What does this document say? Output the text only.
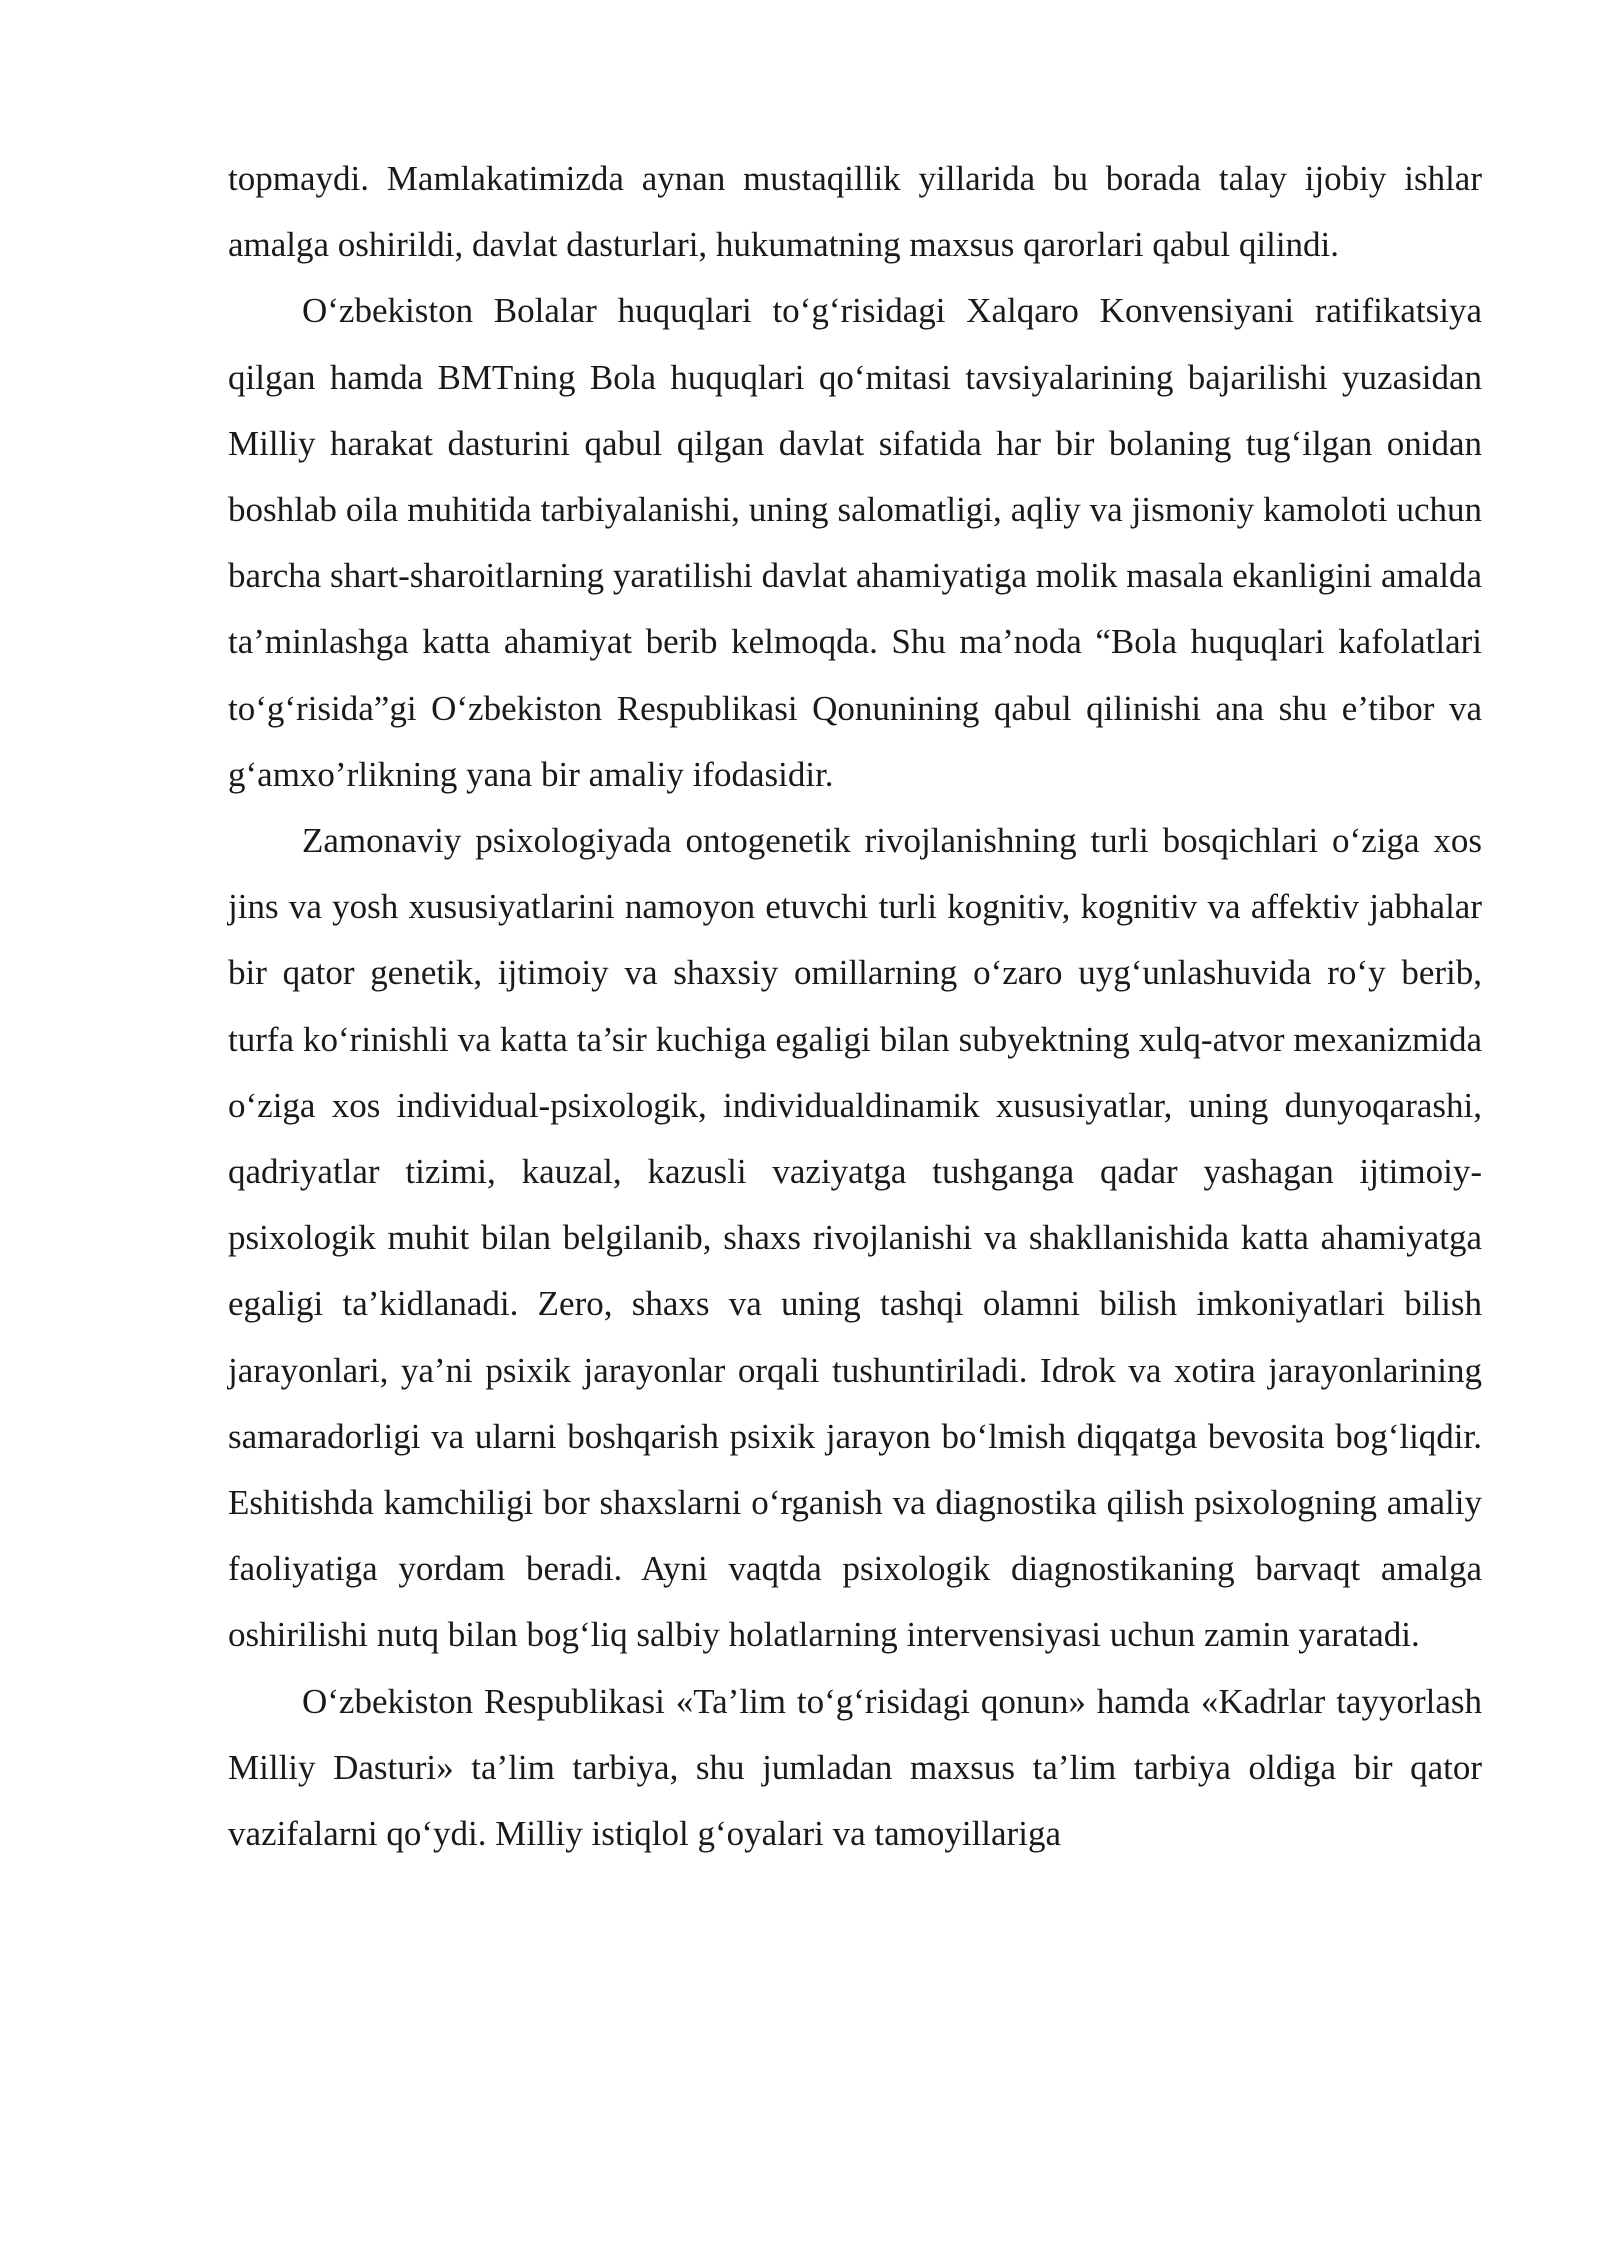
topmaydi. Mamlakatimizda aynan mustaqillik yillarida bu borada talay ijobiy ishlar amalga oshirildi, davlat dasturlari, hukumatning maxsus qarorlari qabul qilindi.

O‘zbekiston Bolalar huquqlari to‘g‘risidagi Xalqaro Konvensiyani ratifikatsiya qilgan hamda BMTning Bola huquqlari qo‘mitasi tavsiyalarining bajarilishi yuzasidan Milliy harakat dasturini qabul qilgan davlat sifatida har bir bolaning tug‘ilgan onidan boshlab oila muhitida tarbiyalanishi, uning salomatligi, aqliy va jismoniy kamoloti uchun barcha shart-sharoitlarning yaratilishi davlat ahamiyatiga molik masala ekanligini amalda ta’minlashga katta ahamiyat berib kelmoqda. Shu ma’noda “Bola huquqlari kafolatlari to‘g‘risida”gi O‘zbekiston Respublikasi Qonunining qabul qilinishi ana shu e’tibor va g‘amxo’rlikning yana bir amaliy ifodasidir.

Zamonaviy psixologiyada ontogenetik rivojlanishning turli bosqichlari o‘ziga xos jins va yosh xususiyatlarini namoyon etuvchi turli kognitiv, kognitiv va affektiv jabhalar bir qator genetik, ijtimoiy va shaxsiy omillarning o‘zaro uyg‘unlashuvida ro‘y berib, turfa ko‘rinishli va katta ta’sir kuchiga egaligi bilan subyektning xulq-atvor mexanizmida o‘ziga xos individual-psixologik, individualdinamik xususiyatlar, uning dunyoqarashi, qadriyatlar tizimi, kauzal, kazusli vaziyatga tushganga qadar yashagan ijtimoiy-psixologik muhit bilan belgilanib, shaxs rivojlanishi va shakllanishida katta ahamiyatga egaligi ta’kidlanadi. Zero, shaxs va uning tashqi olamni bilish imkoniyatlari bilish jarayonlari, ya’ni psixik jarayonlar orqali tushuntiriladi. Idrok va xotira jarayonlarining samaradorligi va ularni boshqarish psixik jarayon bo‘lmish diqqatga bevosita bog‘liqdir. Eshitishda kamchiligi bor shaxslarni o‘rganish va diagnostika qilish psixologning amaliy faoliyatiga yordam beradi. Ayni vaqtda psixologik diagnostikaning barvaqt amalga oshirilishi nutq bilan bog‘liq salbiy holatlarning intervensiyasi uchun zamin yaratadi.

O‘zbekiston Respublikasi «Ta’lim to‘g‘risidagi qonun» hamda «Kadrlar tayyorlash Milliy Dasturi» ta’lim tarbiya, shu jumladan maxsus ta’lim tarbiya oldiga bir qator vazifalarni qo‘ydi. Milliy istiqlol g‘oyalari va tamoyillariga
